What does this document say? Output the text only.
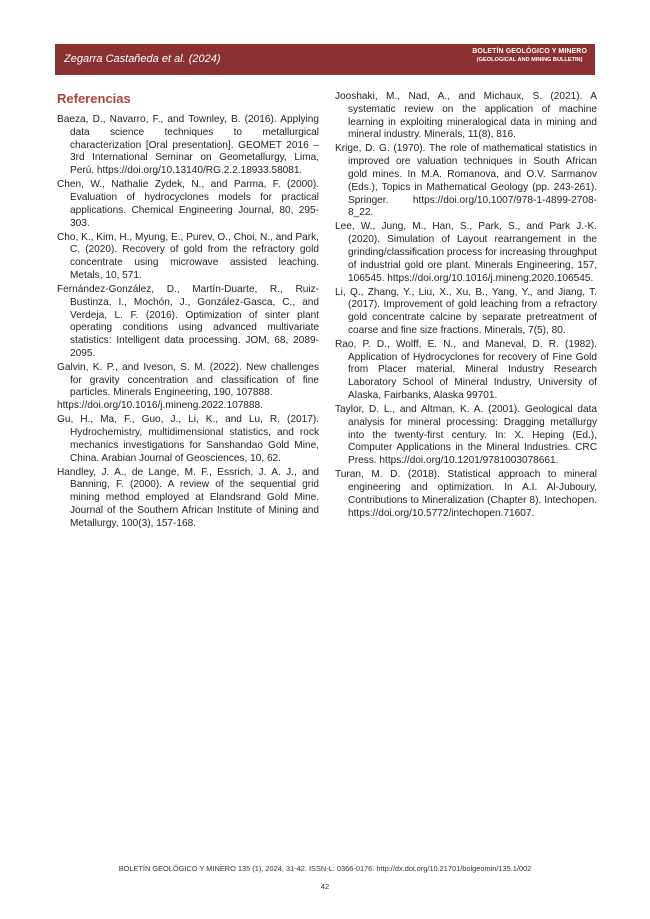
Zegarra Castañeda et al. (2024)
BOLETÍN GEOLÓGICO Y MINERO
(GEOLOGICAL AND MINING BULLETIN)
Referencias

Baeza, D., Navarro, F., and Townley, B. (2016). Applying data science techniques to metallurgical characterization [Oral presentation]. GEOMET 2016 – 3rd International Seminar on Geometallurgy, Lima, Perú. https://doi.org/10.13140/RG.2.2.18933.58081.

Chen, W., Nathalie Zydek, N., and Parma, F. (2000). Evaluation of hydrocyclones models for practical applications. Chemical Engineering Journal, 80, 295-303.

Cho, K., Kim, H., Myung, E., Purev, O., Choi, N., and Park, C. (2020). Recovery of gold from the refractory gold concentrate using microwave assisted leaching. Metals, 10, 571.

Fernández-González, D., Martín-Duarte, R., Ruiz-Bustinza, I., Mochón, J., González-Gasca, C., and Verdeja, L. F. (2016). Optimization of sinter plant operating conditions using advanced multivariate statistics: Intelligent data processing. JOM, 68, 2089-2095.

Galvin, K. P., and Iveson, S. M. (2022). New challenges for gravity concentration and classification of fine particles. Minerals Engineering, 190, 107888.

https://doi.org/10.1016/j.mineng.2022.107888.

Gu, H., Ma, F., Guo, J., Li, K., and Lu, R. (2017). Hydrochemistry, multidimensional statistics, and rock mechanics investigations for Sanshandao Gold Mine, China. Arabian Journal of Geosciences, 10, 62.

Handley, J. A., de Lange, M. F., Essrich, J. A. J., and Banning, F. (2000). A review of the sequential grid mining method employed at Elandsrand Gold Mine. Journal of the Southern African Institute of Mining and Metallurgy, 100(3), 157-168.

Jooshaki, M., Nad, A., and Michaux, S. (2021). A systematic review on the application of machine learning in exploiting mineralogical data in mining and mineral industry. Minerals, 11(8), 816.

Krige, D. G. (1970). The role of mathematical statistics in improved ore valuation techniques in South African gold mines. In M.A. Romanova, and O.V. Sarmanov (Eds.), Topics in Mathematical Geology (pp. 243-261). Springer. https://doi.org/10.1007/978-1-4899-2708-8_22.

Lee, W., Jung, M., Han, S., Park, S., and Park J.-K. (2020). Simulation of Layout rearrangement in the grinding/classification process for increasing throughput of industrial gold ore plant. Minerals Engineering, 157, 106545. https://doi.org/10.1016/j.mineng.2020.106545.

Li, Q., Zhang, Y., Liu, X., Xu, B., Yang, Y., and Jiang, T. (2017). Improvement of gold leaching from a refractory gold concentrate calcine by separate pretreatment of coarse and fine size fractions. Minerals, 7(5), 80.

Rao, P. D., Wolff, E. N., and Maneval, D. R. (1982). Application of Hydrocyclones for recovery of Fine Gold from Placer material. Mineral Industry Research Laboratory School of Mineral Industry, University of Alaska, Fairbanks, Alaska 99701.

Taylor, D. L., and Altman, K. A. (2001). Geological data analysis for mineral processing: Dragging metallurgy into the twenty-first century. In: X. Heping (Ed.), Computer Applications in the Mineral Industries. CRC Press. https://doi.org/10.1201/9781003078661.

Turan, M. D. (2018). Statistical approach to mineral engineering and optimization. In A.I. Al-Juboury, Contributions to Mineralization (Chapter 8). Intechopen. https://doi.org/10.5772/intechopen.71607.

BOLETÍN GEOLÓGICO Y MINERO 135 (1), 2024, 31-42. ISSN-L: 0366-0176. http://dx.doi.org/10.21701/bolgeomin/135.1/002
42
